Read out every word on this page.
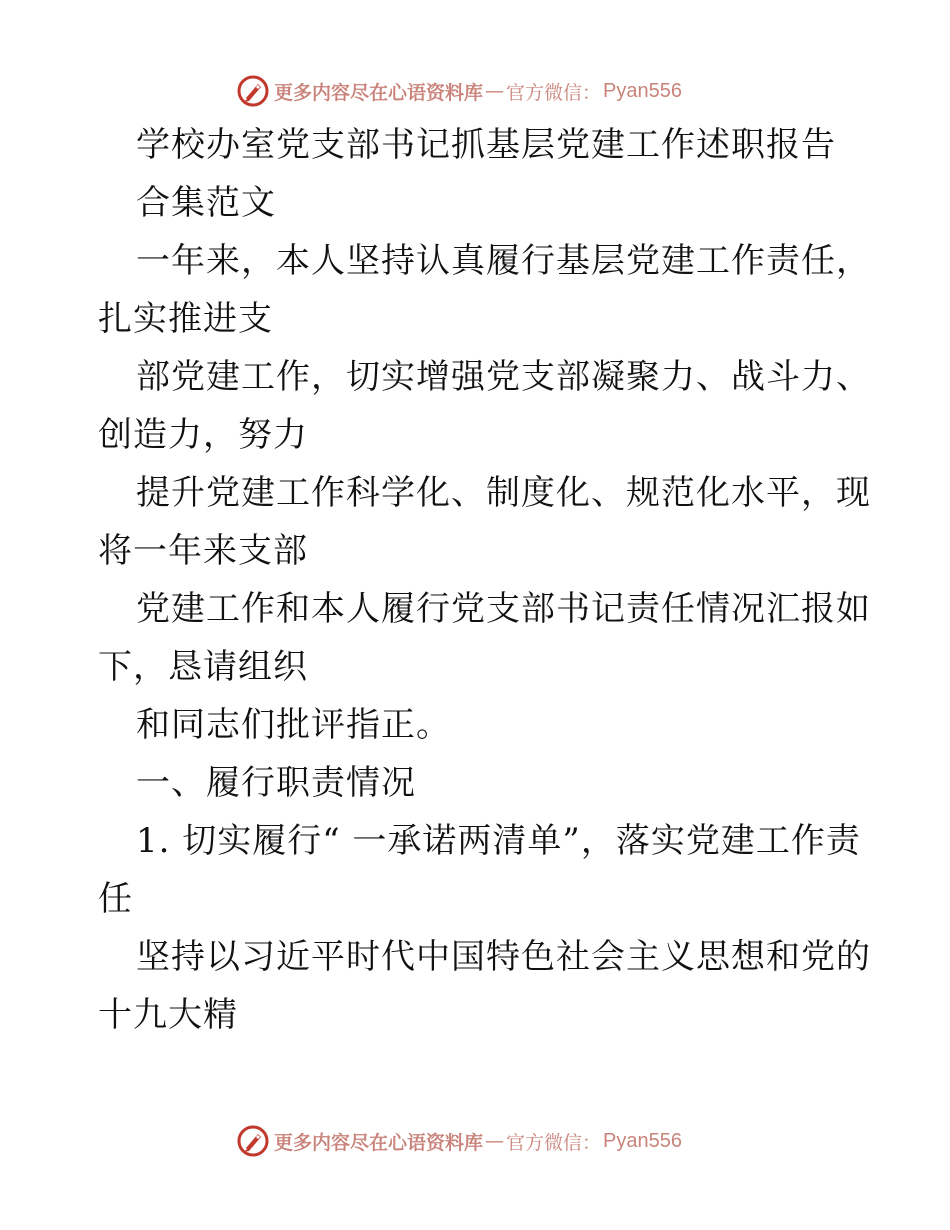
更多内容尽在心语资料库 — 官方微信： Pyan556
学校办室党支部书记抓基层党建工作述职报告
合集范文
一年来，本人坚持认真履行基层党建工作责任，
扎实推进支
部党建工作，切实增强党支部凝聚力、战斗力、
创造力，努力
提升党建工作科学化、制度化、规范化水平，现
将一年来支部
党建工作和本人履行党支部书记责任情况汇报如
下，恳请组织
和同志们批评指正。
一、履行职责情况
1. 切实履行“ 一承诺两清单”，落实党建工作责
任
坚持以习近平时代中国特色社会主义思想和党的
十九大精
更多内容尽在心语资料库 — 官方微信： Pyan556
